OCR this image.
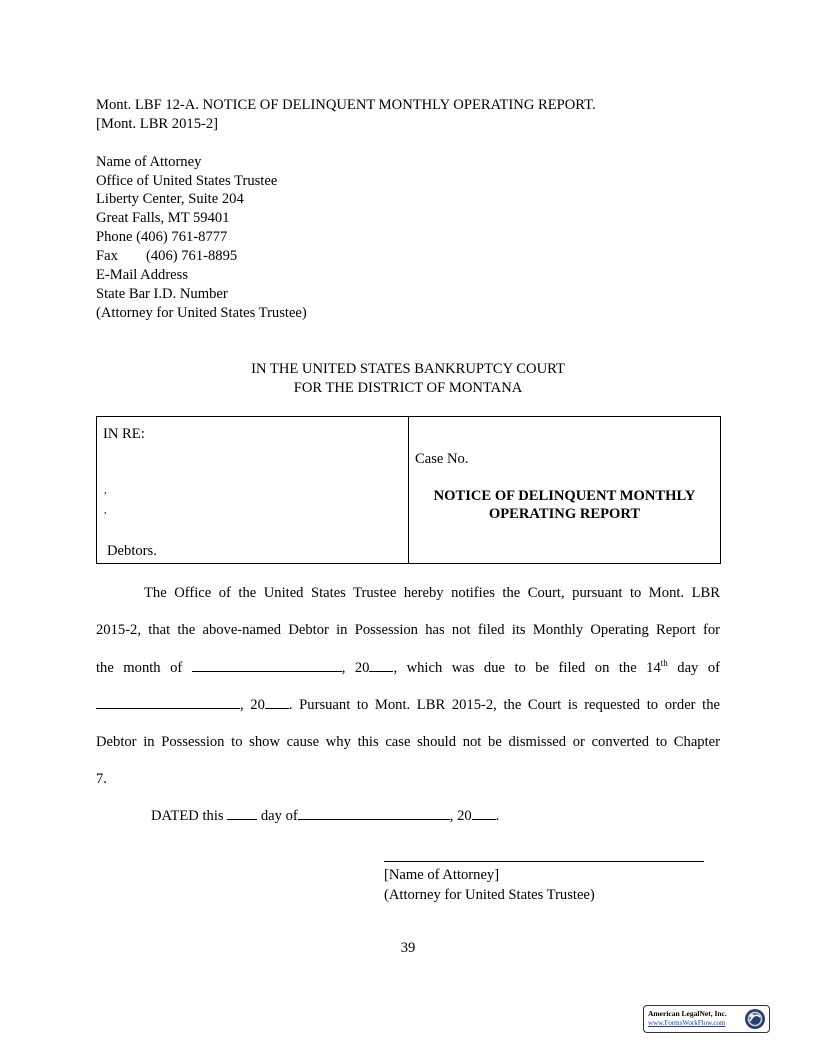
Mont. LBF 12-A. NOTICE OF DELINQUENT MONTHLY OPERATING REPORT.
[Mont. LBR 2015-2]
Name of Attorney
Office of United States Trustee
Liberty Center, Suite 204
Great Falls, MT 59401
Phone (406) 761-8777
Fax (406) 761-8895
E-Mail Address
State Bar I.D. Number
(Attorney for United States Trustee)
IN THE UNITED STATES BANKRUPTCY COURT
FOR THE DISTRICT OF MONTANA
IN RE:
,
,
Debtors.

Case No.
NOTICE OF DELINQUENT MONTHLY
OPERATING REPORT
The Office of the United States Trustee hereby notifies the Court, pursuant to Mont. LBR
2015-2, that the above-named Debtor in Possession has not filed its Monthly Operating Report for
the month of	, 20 , which was due to be filed on the 14th day of
, 20 . Pursuant to Mont. LBR 2015-2, the Court is requested to order the
Debtor in Possession to show cause why this case should not be dismissed or converted to Chapter
7.
DATED this	day of	, 20 .
[Name of Attorney]
(Attorney for United States Trustee)
39
American LegalNet, Inc.
www.FormsWorkFlow.com
